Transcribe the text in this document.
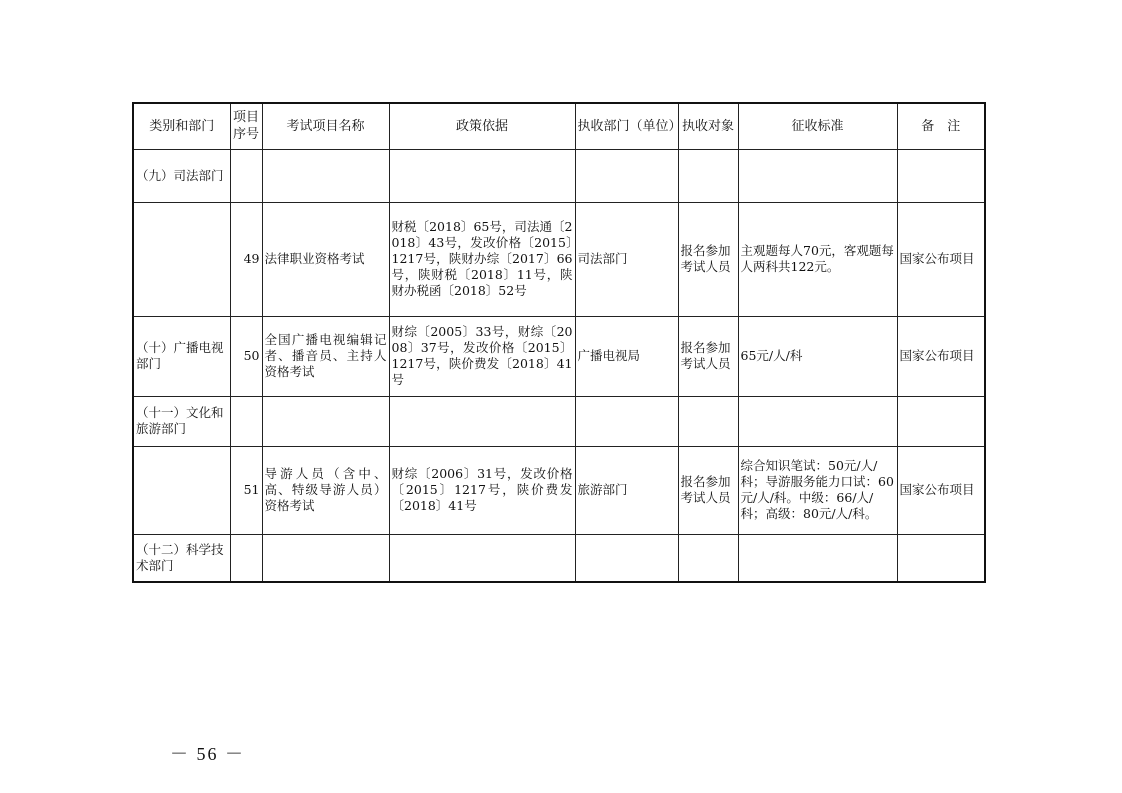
类别和部门	项目序号	考试项目名称	政策依据	执收部门（单位）	执收对象	征收标准	备　注
（九）司法部门							
	49	法律职业资格考试	财税〔2018〕65号，司法通〔2018〕43号，发改价格〔2015〕1217号，陕财办综〔2017〕66号，陕财税〔2018〕11号，陕财办税函〔2018〕52号	司法部门	报名参加考试人员	主观题每人70元，客观题每人两科共122元。	国家公布项目
（十）广播电视部门	50	全国广播电视编辑记者、播音员、主持人资格考试	财综〔2005〕33号，财综〔2008〕37号，发改价格〔2015〕1217号，陕价费发〔2018〕41号	广播电视局	报名参加考试人员	65元/人/科	国家公布项目
（十一）文化和旅游部门							
	51	导游人员（含中、高、特级导游人员）资格考试	财综〔2006〕31号，发改价格〔2015〕1217号，陕价费发〔2018〕41号	旅游部门	报名参加考试人员	综合知识笔试：50元/人/科；导游服务能力口试：60元/人/科。中级：66/人/科；高级：80元/人/科。	国家公布项目
（十二）科学技术部门							
－ 56 －
